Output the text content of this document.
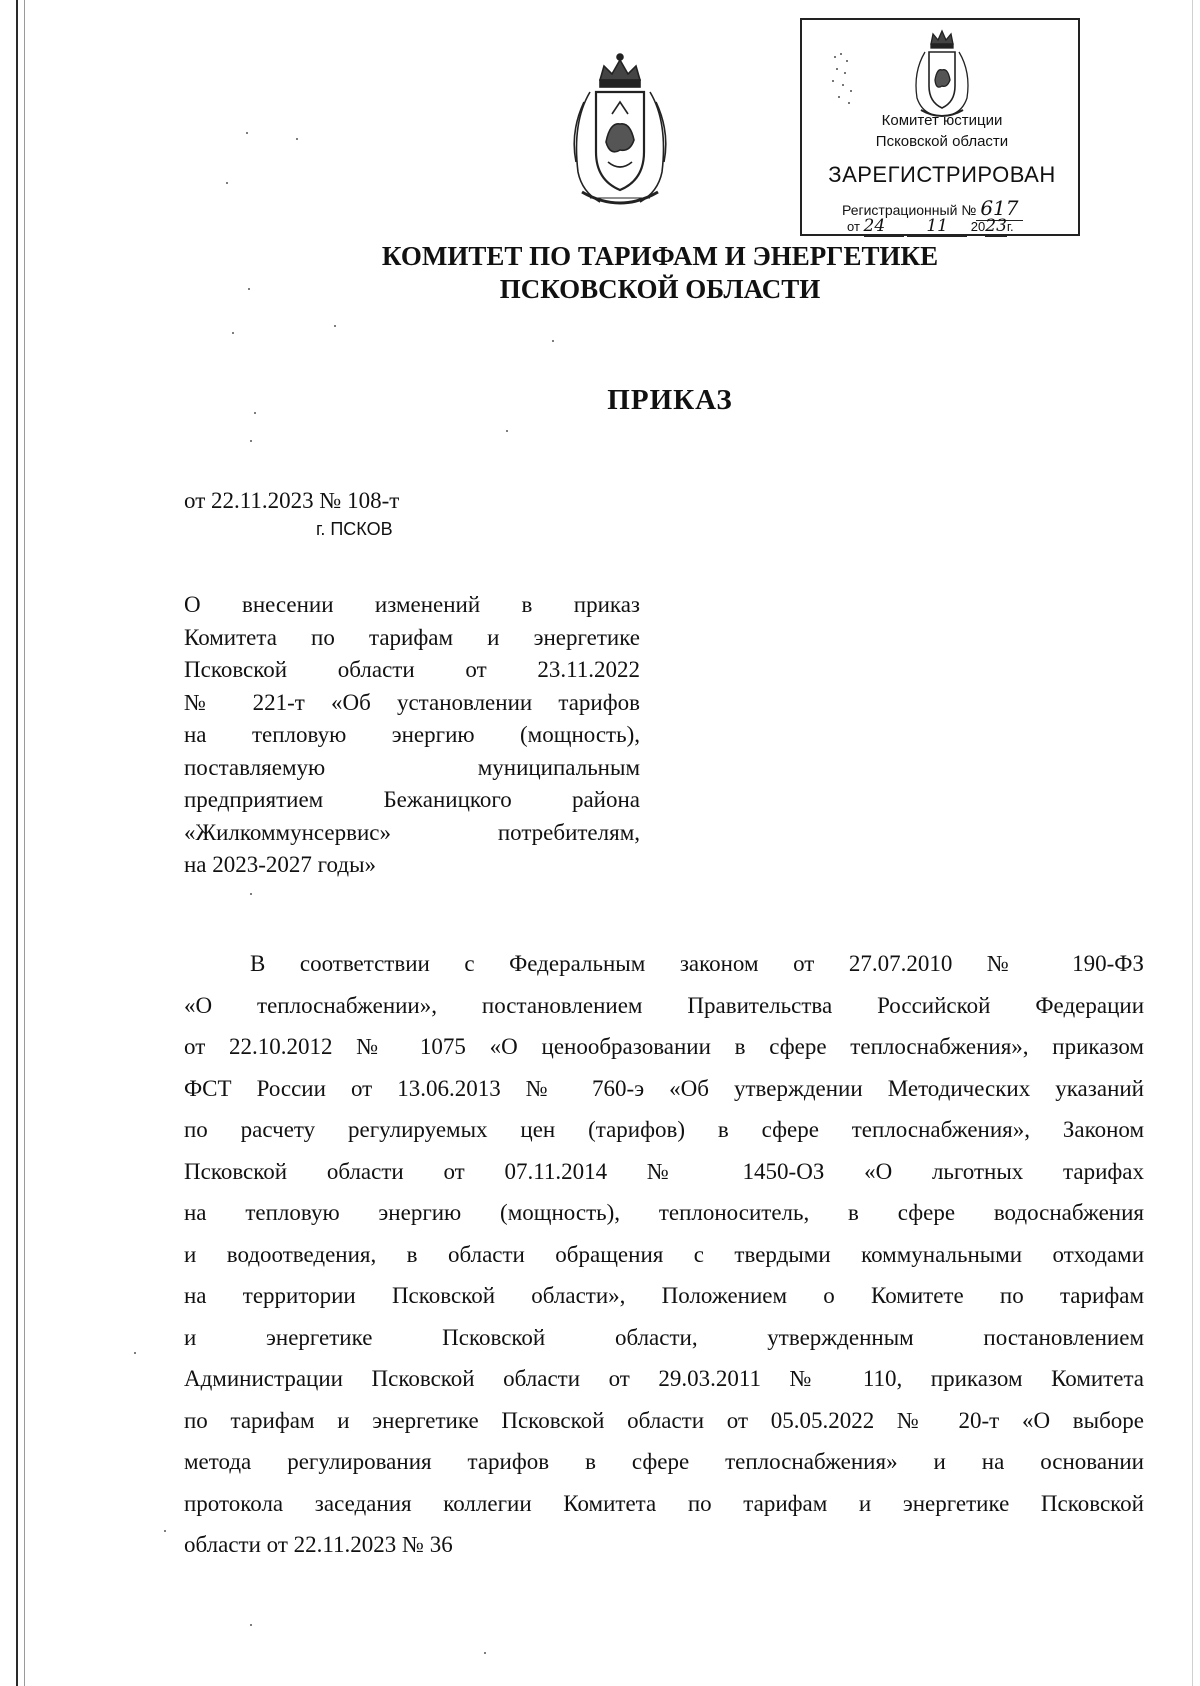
Комитет юстиции
Псковской области
ЗАРЕГИСТРИРОВАН
Регистрационный № 617
от 24 11 2023г.
КОМИТЕТ ПО ТАРИФАМ И ЭНЕРГЕТИКЕ
ПСКОВСКОЙ ОБЛАСТИ
ПРИКАЗ
от 22.11.2023 № 108-т
г. ПСКОВ
О внесении изменений в приказ
Комитета по тарифам и энергетике
Псковской области от 23.11.2022
№ 221-т «Об установлении тарифов
на тепловую энергию (мощность),
поставляемую муниципальным
предприятием Бежаницкого района
«Жилкоммунсервис» потребителям,
на 2023-2027 годы»
В соответствии с Федеральным законом от 27.07.2010 № 190-ФЗ
«О теплоснабжении», постановлением Правительства Российской Федерации
от 22.10.2012 № 1075 «О ценообразовании в сфере теплоснабжения», приказом
ФСТ России от 13.06.2013 № 760-э «Об утверждении Методических указаний
по расчету регулируемых цен (тарифов) в сфере теплоснабжения», Законом
Псковской области от 07.11.2014 № 1450-ОЗ «О льготных тарифах
на тепловую энергию (мощность), теплоноситель, в сфере водоснабжения
и водоотведения, в области обращения с твердыми коммунальными отходами
на территории Псковской области», Положением о Комитете по тарифам
и энергетике Псковской области, утвержденным постановлением
Администрации Псковской области от 29.03.2011 № 110, приказом Комитета
по тарифам и энергетике Псковской области от 05.05.2022 № 20-т «О выборе
метода регулирования тарифов в сфере теплоснабжения» и на основании
протокола заседания коллегии Комитета по тарифам и энергетике Псковской
области от 22.11.2023 № 36
